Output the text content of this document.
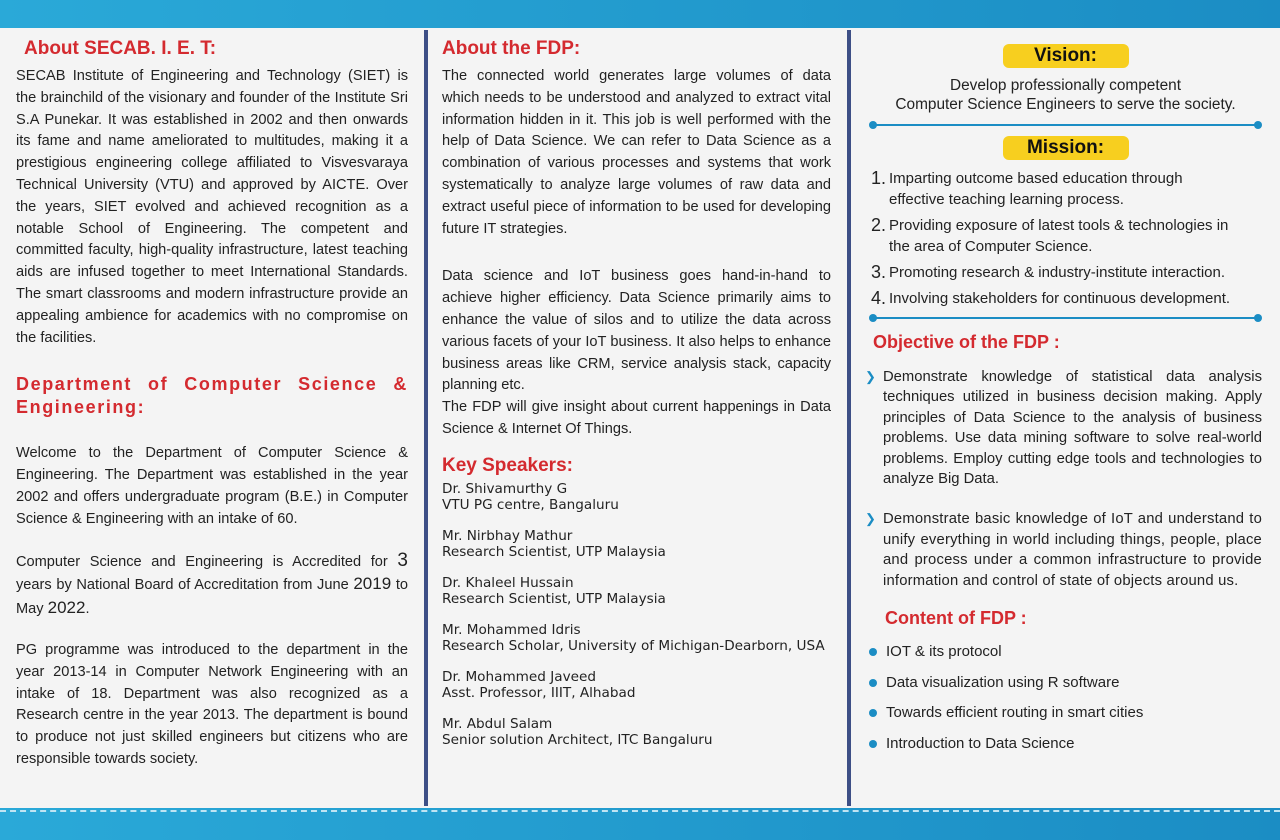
About SECAB. I. E. T:

SECAB Institute of Engineering and Technology (SIET) is the brainchild of the visionary and founder of the Institute Sri S.A Punekar. It was established in 2002 and then onwards its fame and name ameliorated to multitudes, making it a prestigious engineering college affiliated to Visvesvaraya Technical University (VTU) and approved by AICTE. Over the years, SIET evolved and achieved recognition as a notable School of Engineering. The competent and committed faculty, high-quality infrastructure, latest teaching aids are infused together to meet International Standards. The smart classrooms and modern infrastructure provide an appealing ambience for academics with no compromise on the facilities.

Department of Computer Science & Engineering:

Welcome to the Department of Computer Science & Engineering. The Department was established in the year 2002 and offers undergraduate program (B.E.) in Computer Science & Engineering with an intake of 60.

Computer Science and Engineering is Accredited for 3 years by National Board of Accreditation from June 2019 to May 2022.

PG programme was introduced to the department in the year 2013-14 in Computer Network Engineering with an intake of 18. Department was also recognized as a Research centre in the year 2013. The department is bound to produce not just skilled engineers but citizens who are responsible towards society.

About the FDP:

The connected world generates large volumes of data which needs to be understood and analyzed to extract vital information hidden in it. This job is well performed with the help of Data Science. We can refer to Data Science as a combination of various processes and systems that work systematically to analyze large volumes of raw data and extract useful piece of information to be used for developing future IT strategies.

Data science and IoT business goes hand-in-hand to achieve higher efficiency. Data Science primarily aims to enhance the value of silos and to utilize the data across various facets of your IoT business. It also helps to enhance business areas like CRM, service analysis stack, capacity planning etc.

The FDP will give insight about current happenings in Data Science & Internet Of Things.

Key Speakers:

Dr. Shivamurthy G

VTU PG centre, Bangaluru

Mr. Nirbhay Mathur

Research Scientist, UTP Malaysia

Dr. Khaleel Hussain

Research Scientist, UTP Malaysia

Mr. Mohammed Idris

Research Scholar, University of Michigan-Dearborn, USA

Dr. Mohammed Javeed

Asst. Professor, IIIT, Alhabad

Mr. Abdul Salam

Senior solution Architect, ITC Bangaluru

Vision:

Develop professionally competent

Computer Science Engineers to serve the society.

Mission:
1. Imparting outcome based education through effective teaching learning process.
2. Providing exposure of latest tools & technologies in the area of Computer Science.
3. Promoting research & industry-institute interaction.
4. Involving stakeholders for continuous development.
Objective of the FDP :
❯ Demonstrate knowledge of statistical data analysis techniques utilized in business decision making. Apply principles of Data Science to the analysis of business problems. Use data mining software to solve real-world problems. Employ cutting edge tools and technologies to analyze Big Data.
❯ Demonstrate basic knowledge of IoT and understand to unify everything in world including things, people, place and process under a common infrastructure to provide information and control of state of objects around us.
Content of FDP :
IOT & its protocol
Data visualization using R software
Towards efficient routing in smart cities
Introduction to Data Science
